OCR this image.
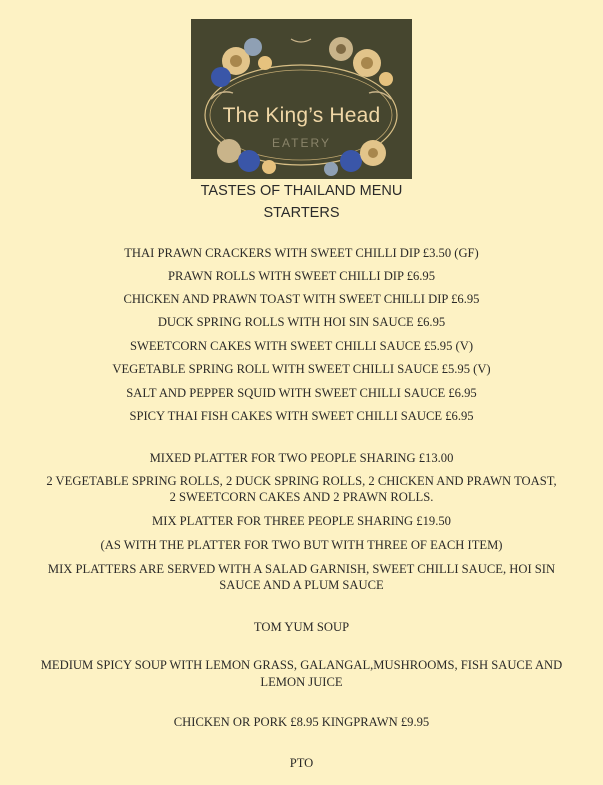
The King’s Head
EATERY
TASTES OF THAILAND MENU
STARTERS
THAI PRAWN CRACKERS WITH SWEET CHILLI DIP £3.50 (GF)
PRAWN ROLLS WITH SWEET CHILLI DIP £6.95
CHICKEN AND PRAWN TOAST WITH SWEET CHILLI DIP £6.95
DUCK SPRING ROLLS WITH HOI SIN SAUCE £6.95
SWEETCORN CAKES WITH SWEET CHILLI SAUCE £5.95 (V)
VEGETABLE SPRING ROLL WITH SWEET CHILLI SAUCE £5.95 (V)
SALT AND PEPPER SQUID WITH SWEET CHILLI SAUCE £6.95
SPICY THAI FISH CAKES WITH SWEET CHILLI SAUCE £6.95
MIXED PLATTER FOR TWO PEOPLE SHARING £13.00
2 VEGETABLE SPRING ROLLS, 2 DUCK SPRING ROLLS, 2 CHICKEN AND PRAWN TOAST,
2 SWEETCORN CAKES AND 2 PRAWN ROLLS.
MIX PLATTER FOR THREE PEOPLE SHARING £19.50
(AS WITH THE PLATTER FOR TWO BUT WITH THREE OF EACH ITEM)
MIX PLATTERS ARE SERVED WITH A SALAD GARNISH, SWEET CHILLI SAUCE, HOI SIN
SAUCE AND A PLUM SAUCE
TOM YUM SOUP
MEDIUM SPICY SOUP WITH LEMON GRASS, GALANGAL,MUSHROOMS, FISH SAUCE AND
LEMON JUICE
CHICKEN OR PORK £8.95 KINGPRAWN £9.95
PTO
